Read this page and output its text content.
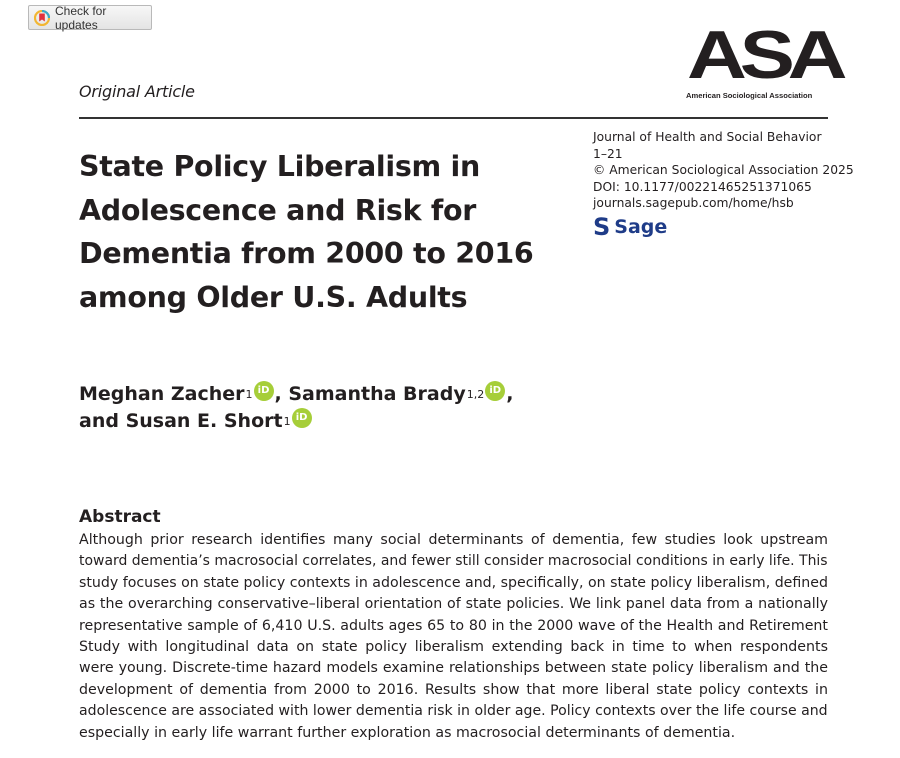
Check for updates
Original Article	ASA
American Sociological Association
Journal of Health and Social Behavior
1–21
© American Sociological Association 2025
DOI: 10.1177/00221465251371065
journals.sagepub.com/home/hsb
S Sage
State Policy Liberalism in
Adolescence and Risk for
Dementia from 2000 to 2016
among Older U.S. Adults
Meghan Zacher 1 iD , Samantha Brady 1,2 iD ,
and Susan E. Short 1 iD
Abstract
Although prior research identifies many social determinants of dementia, few studies look upstream
toward dementia’s macrosocial correlates, and fewer still consider macrosocial conditions in early life. This
study focuses on state policy contexts in adolescence and, specifically, on state policy liberalism, defined
as the overarching conservative–liberal orientation of state policies. We link panel data from a nationally
representative sample of 6,410 U.S. adults ages 65 to 80 in the 2000 wave of the Health and Retirement
Study with longitudinal data on state policy liberalism extending back in time to when respondents
were young. Discrete-time hazard models examine relationships between state policy liberalism and the
development of dementia from 2000 to 2016. Results show that more liberal state policy contexts in
adolescence are associated with lower dementia risk in older age. Policy contexts over the life course and
especially in early life warrant further exploration as macrosocial determinants of dementia.
